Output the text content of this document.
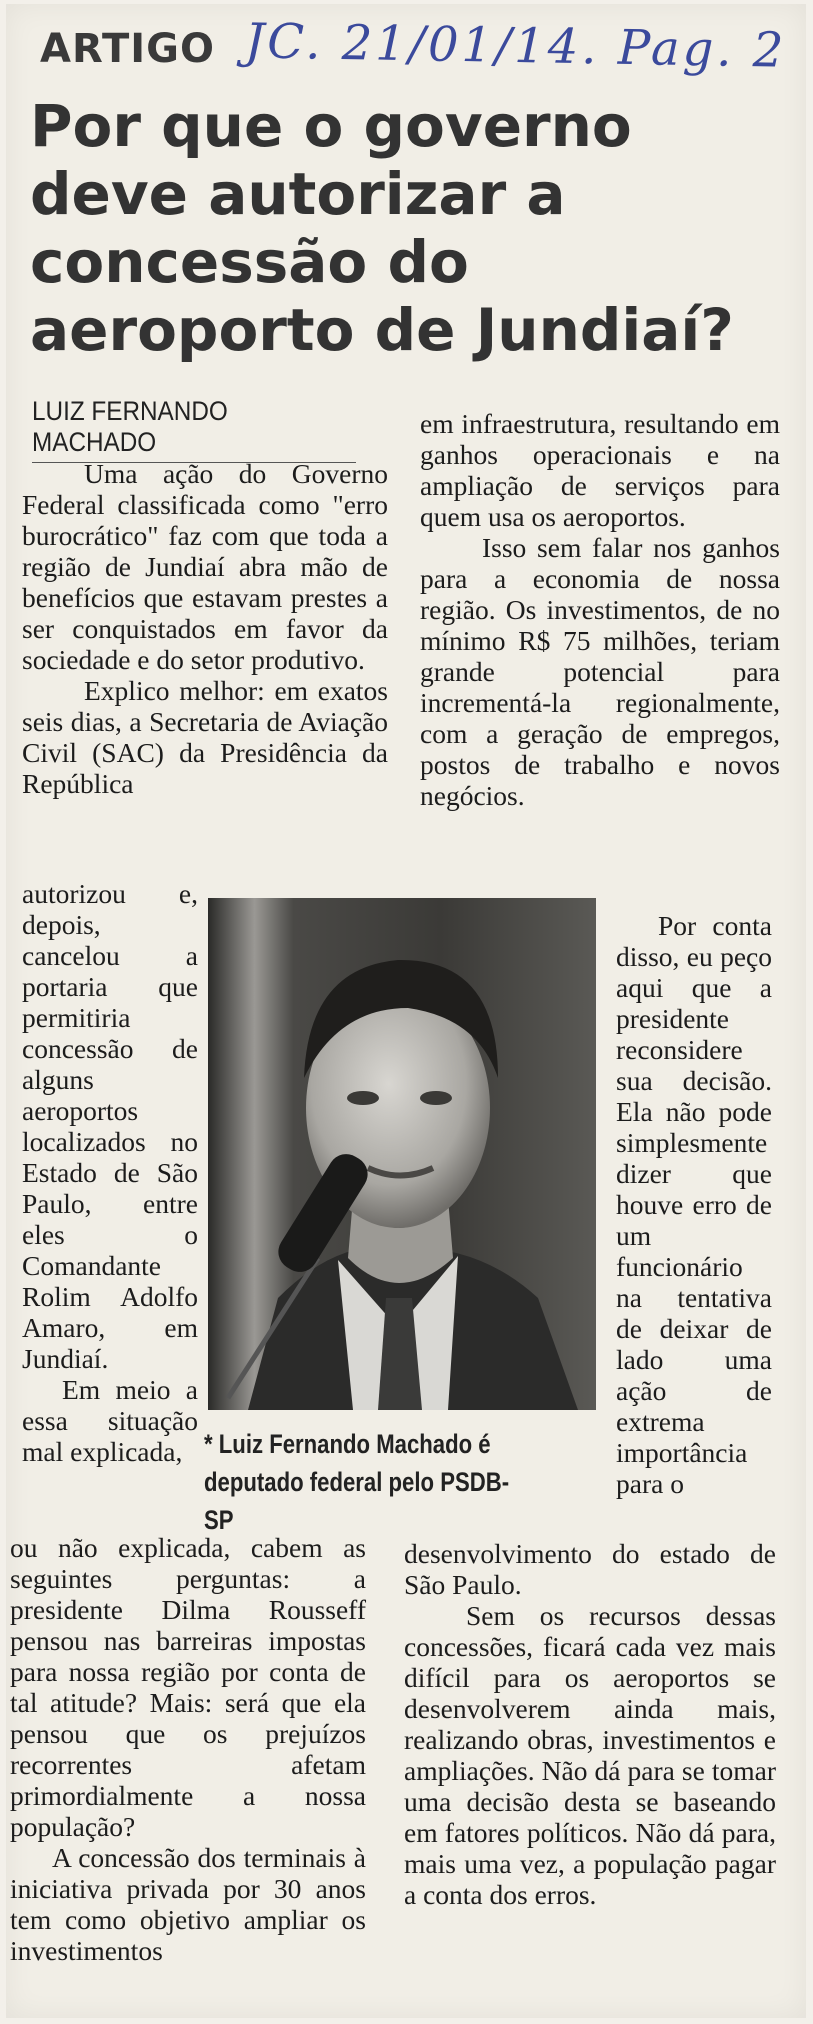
ARTIGO JC. 21/01/14. Pag. 2
Por que o governo deve autorizar a concessão do aeroporto de Jundiaí?
LUIZ FERNANDO MACHADO

Uma ação do Governo Federal classificada como "erro burocrático" faz com que toda a região de Jundiaí abra mão de benefícios que estavam prestes a ser conquistados em favor da sociedade e do setor produtivo.

Explico melhor: em exatos seis dias, a Secretaria de Aviação Civil (SAC) da Presidência da República

autorizou e, depois, cancelou a portaria que permitiria concessão de alguns aeroportos localizados no Estado de São Paulo, entre eles o Comandante Rolim Adolfo Amaro, em Jundiaí.

Em meio a essa situação mal explicada,

ou não explicada, cabem as seguintes perguntas: a presidente Dilma Rousseff pensou nas barreiras impostas para nossa região por conta de tal atitude? Mais: será que ela pensou que os prejuízos recorrentes afetam primordialmente a nossa população?

A concessão dos terminais à iniciativa privada por 30 anos tem como objetivo ampliar os investimentos

em infraestrutura, resultando em ganhos operacionais e na ampliação de serviços para quem usa os aeroportos.

Isso sem falar nos ganhos para a economia de nossa região. Os investimentos, de no mínimo R$ 75 milhões, teriam grande potencial para incrementá-la regionalmente, com a geração de empregos, postos de trabalho e novos negócios.

Por conta disso, eu peço aqui que a presidente reconsidere sua decisão. Ela não pode simplesmente dizer que houve erro de um funcionário na tentativa de deixar de lado uma ação de extrema importância para o

desenvolvimento do estado de São Paulo.

Sem os recursos dessas concessões, ficará cada vez mais difícil para os aeroportos se desenvolverem ainda mais, realizando obras, investimentos e ampliações. Não dá para se tomar uma decisão desta se baseando em fatores políticos. Não dá para, mais uma vez, a população pagar a conta dos erros.

* Luiz Fernando Machado é deputado federal pelo PSDB-SP
